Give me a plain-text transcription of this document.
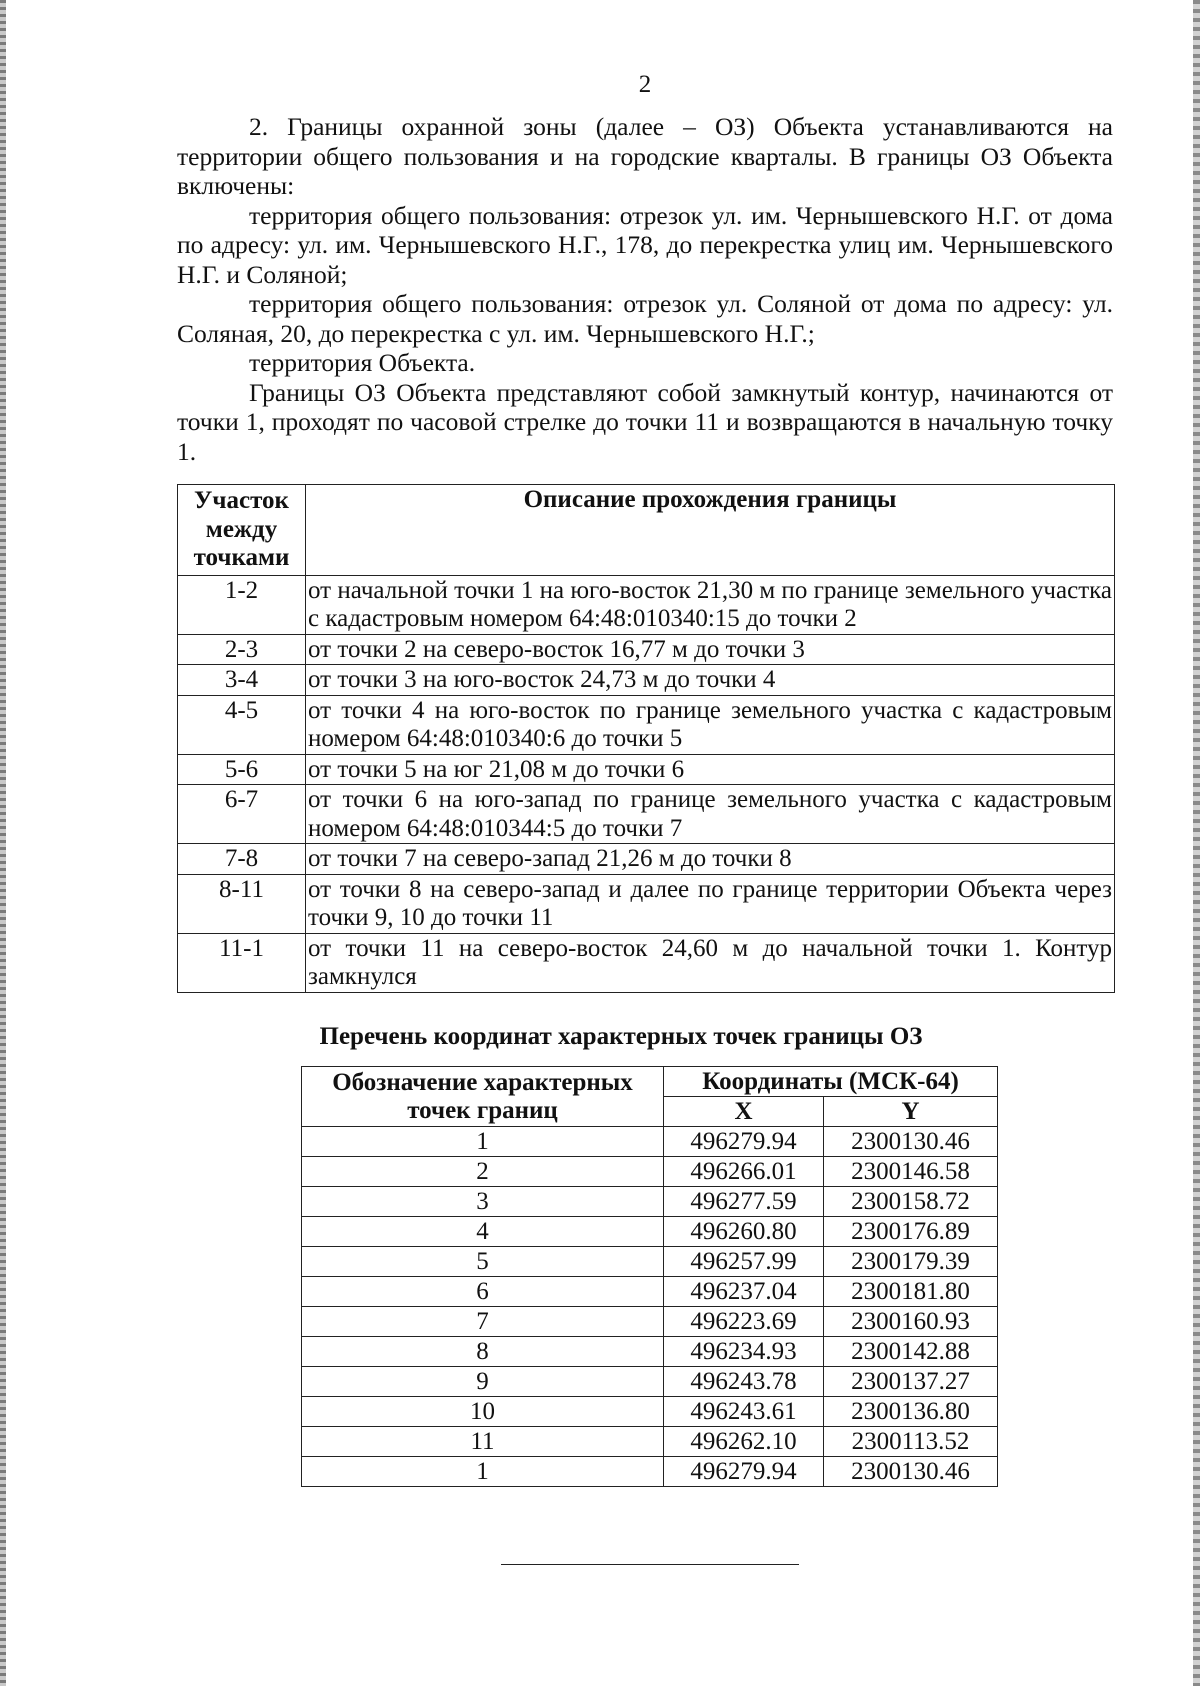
2

2. Границы охранной зоны (далее – ОЗ) Объекта устанавливаются на территории общего пользования и на городские кварталы. В границы ОЗ Объекта включены:

территория общего пользования: отрезок ул. им. Чернышевского Н.Г. от дома по адресу: ул. им. Чернышевского Н.Г., 178, до перекрестка улиц им. Чернышевского Н.Г. и Соляной;

территория общего пользования: отрезок ул. Соляной от дома по адресу: ул. Соляная, 20, до перекрестка с ул. им. Чернышевского Н.Г.;

территория Объекта.

Границы ОЗ Объекта представляют собой замкнутый контур, начинаются от точки 1, проходят по часовой стрелке до точки 11 и возвращаются в начальную точку 1.

Участок между точками	Описание прохождения границы
1-2	от начальной точки 1 на юго-восток 21,30 м по границе земельного участка с кадастровым номером 64:48:010340:15 до точки 2
2-3	от точки 2 на северо-восток 16,77 м до точки 3
3-4	от точки 3 на юго-восток 24,73 м до точки 4
4-5	от точки 4 на юго-восток по границе земельного участка с кадастровым номером 64:48:010340:6 до точки 5
5-6	от точки 5 на юг 21,08 м до точки 6
6-7	от точки 6 на юго-запад по границе земельного участка с кадастровым номером 64:48:010344:5 до точки 7
7-8	от точки 7 на северо-запад 21,26 м до точки 8
8-11	от точки 8 на северо-запад и далее по границе территории Объекта через точки 9, 10 до точки 11
11-1	от точки 11 на северо-восток 24,60 м до начальной точки 1. Контур замкнулся
Перечень координат характерных точек границы ОЗ
Обозначение характерных точек границ	Координаты (МСК-64)	
	X	Y
1	496279.94	2300130.46
2	496266.01	2300146.58
3	496277.59	2300158.72
4	496260.80	2300176.89
5	496257.99	2300179.39
6	496237.04	2300181.80
7	496223.69	2300160.93
8	496234.93	2300142.88
9	496243.78	2300137.27
10	496243.61	2300136.80
11	496262.10	2300113.52
1	496279.94	2300130.46
